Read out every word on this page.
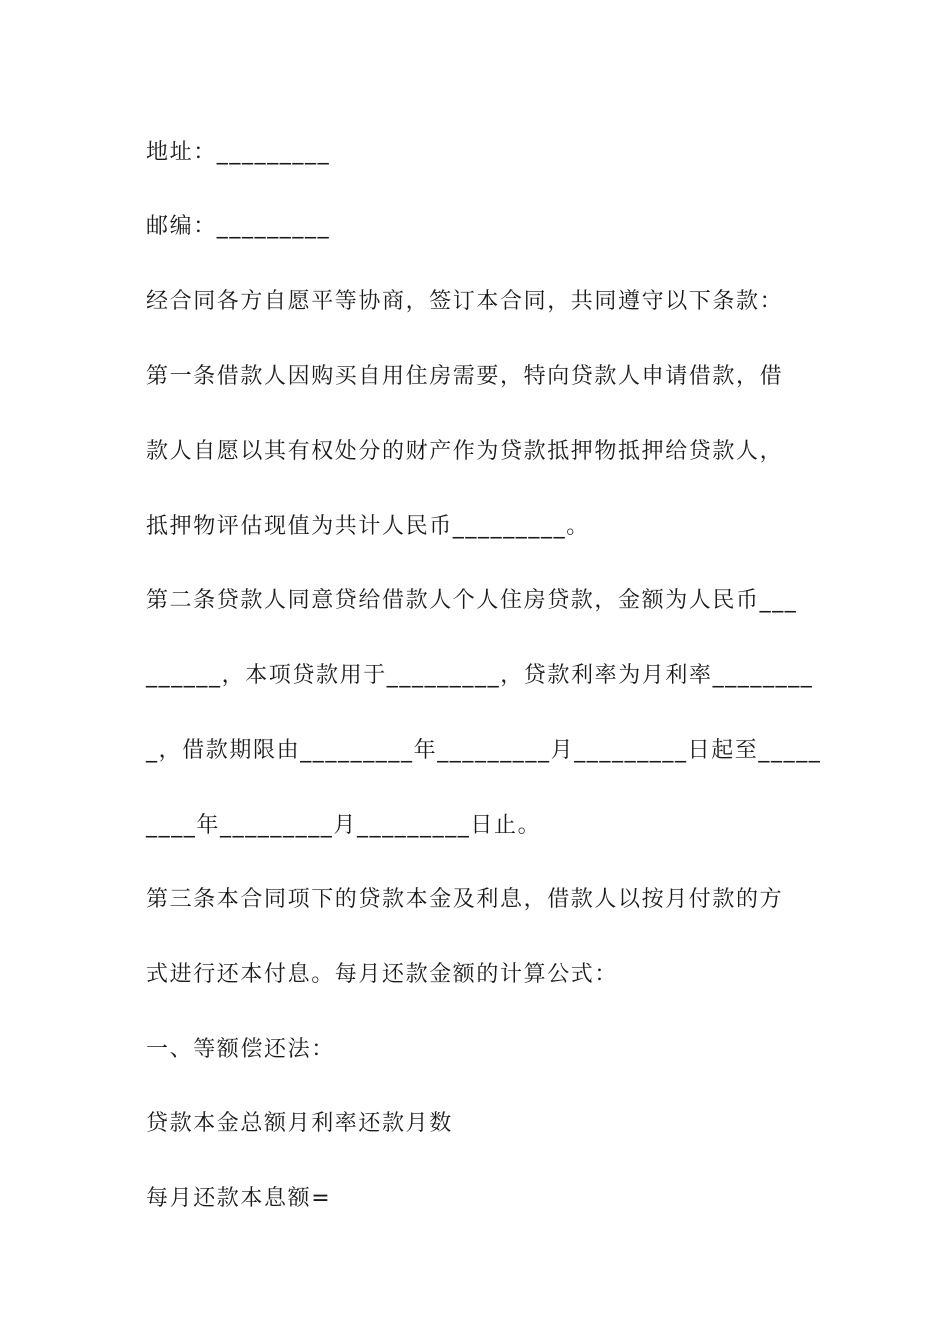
地址：_________
邮编：_________
经合同各方自愿平等协商，签订本合同，共同遵守以下条款：
第一条借款人因购买自用住房需要，特向贷款人申请借款，借
款人自愿以其有权处分的财产作为贷款抵押物抵押给贷款人，
抵押物评估现值为共计人民币_________。
第二条贷款人同意贷给借款人个人住房贷款，金额为人民币___
______，本项贷款用于_________，贷款利率为月利率________
_，借款期限由_________年_________月_________日起至_____
____年_________月_________日止。
第三条本合同项下的贷款本金及利息，借款人以按月付款的方
式进行还本付息。每月还款金额的计算公式：
一、等额偿还法：
贷款本金总额月利率还款月数
每月还款本息额=
